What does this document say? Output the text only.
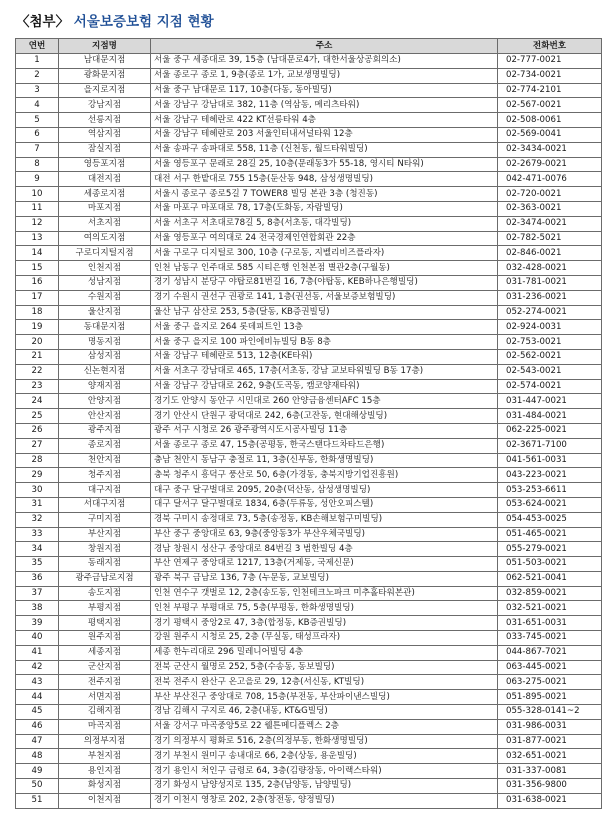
〈첨부〉 서울보증보험 지점 현황
연번	지점명	주소	전화번호
1	남대문지점	서울 중구 세종대로 39, 15층 (남대문로4가, 대한서울상공회의소)	02-777-0021
2	광화문지점	서울 종로구 종로 1, 9층(종로 1가, 교보생명빌딩)	02-734-0021
3	을지로지점	서울 중구 남대문로 117, 10층(다동, 동아빌딩)	02-774-2101
4	강남지점	서울 강남구 강남대로 382, 11층 (역삼동, 메리츠타워)	02-567-0021
5	선릉지점	서울 강남구 테헤란로 422 KT선릉타워 4층	02-508-0061
6	역삼지점	서울 강남구 테헤란로 203 서울인터내셔널타워 12층	02-569-0041
7	잠실지점	서울 송파구 송파대로 558, 11층 (신천동, 월드타워빌딩)	02-3434-0021
8	영등포지점	서울 영등포구 문래로 28길 25, 10층(문래동3가 55-18, 영시티 N타워)	02-2679-0021
9	대전지점	대전 서구 한밭대로 755 15층(둔산동 948, 삼성생명빌딩)	042-471-0076
10	세종로지점	서울시 종로구 종로5길 7 TOWER8 빌딩 본관 3층 (청진동)	02-720-0021
11	마포지점	서울 마포구 마포대로 78, 17층(도화동, 자람빌딩)	02-363-0021
12	서초지점	서울 서초구 서초대로78길 5, 8층(서초동, 대각빌딩)	02-3474-0021
13	여의도지점	서울 영등포구 여의대로 24 전국경제인연합회관 22층	02-782-5021
14	구로디지털지점	서울 구로구 디지털로 300, 10층 (구로동, 지벨리비즈플라자)	02-846-0021
15	인천지점	인천 남동구 인주대로 585 시티은행 인천본점 별관2층(구월동)	032-428-0021
16	성남지점	경기 성남시 분당구 야탑로81번길 16, 7층(야탑동, KEB하나은행빌딩)	031-781-0021
17	수원지점	경기 수원시 권선구 권광로 141, 1층(권선동, 서울보증보험빌딩)	031-236-0021
18	울산지점	울산 남구 삼산로 253, 5층(달동, KB증권빌딩)	052-274-0021
19	동대문지점	서울 중구 을지로 264 롯데피트인 13층	02-924-0031
20	명동지점	서울 중구 을지로 100 파인에비뉴빌딩 B동 8층	02-753-0021
21	삼성지점	서울 강남구 테헤란로 513, 12층(KE타워)	02-562-0021
22	신논현지점	서울 서초구 강남대로 465, 17층(서초동, 강남 교보타워빌딩 B동 17층)	02-543-0021
23	양재지점	서울 강남구 강남대로 262, 9층(도곡동, 캠코양재타워)	02-574-0021
24	안양지점	경기도 안양시 동안구 시민대로 260 안양금융센터AFC 15층	031-447-0021
25	안산지점	경기 안산시 단원구 광덕대로 242, 6층(고잔동, 현대해상빌딩)	031-484-0021
26	광주지점	광주 서구 시청로 26 광주광역시도시공사빌딩 11층	062-225-0021
27	종로지점	서울 종로구 종로 47, 15층(공평동, 한국스탠다드차타드은행)	02-3671-7100
28	천안지점	충남 천안시 동남구 충절로 11, 3층(신부동, 한화생명빌딩)	041-561-0031
29	청주지점	충북 청주시 흥덕구 풍산로 50, 6층(가경동, 충북지방기업진흥원)	043-223-0021
30	대구지점	대구 중구 달구벌대로 2095, 20층(덕산동, 삼성생명빌딩)	053-253-6611
31	서대구지점	대구 달서구 달구벌대로 1834, 6층(두류동, 성안오피스텔)	053-624-0021
32	구미지점	경북 구미시 송정대로 73, 5층(송정동, KB손해보험구미빌딩)	054-453-0025
33	부산지점	부산 중구 중앙대로 63, 9층(중앙동3가 부산우체국빌딩)	051-465-0021
34	창원지점	경남 창원시 성산구 중앙대로 84번길 3 범한빌딩 4층	055-279-0021
35	동래지점	부산 연제구 중앙대로 1217, 13층(거제동, 국제신문)	051-503-0021
36	광주금남로지점	광주 북구 금남로 136, 7층 (누문동, 교보빌딩)	062-521-0041
37	송도지점	인천 연수구 갯벌로 12, 2층(송도동, 인천테크노파크 미추홀타워본관)	032-859-0021
38	부평지점	인천 부평구 부평대로 75, 5층(부평동, 한화생명빌딩)	032-521-0021
39	평택지점	경기 평택시 중앙2로 47, 3층(합정동, KB증권빌딩)	031-651-0031
40	원주지점	강원 원주시 시청로 25, 2층 (무실동, 태성프라자)	033-745-0021
41	세종지점	세종 한누리대로 296 밀레니어빌딩 4층	044-867-7021
42	군산지점	전북 군산시 월명로 252, 5층(수송동, 동보빌딩)	063-445-0021
43	전주지점	전북 전주시 완산구 온고을로 29, 12층(서신동, KT빌딩)	063-275-0021
44	서면지점	부산 부산진구 중앙대로 708, 15층(부전동, 부산파이낸스빌딩)	051-895-0021
45	김해지점	경남 김해시 구지로 46, 2층(내동, KT&G빌딩)	055-328-0141~2
46	마곡지점	서울 강서구 마곡중앙5로 22 웰튼메디플렉스 2층	031-986-0031
47	의정부지점	경기 의정부시 평화로 516, 2층(의정부동, 한화생명빌딩)	031-877-0021
48	부천지점	경기 부천시 원미구 송내대로 66, 2층(상동, 용운빌딩)	032-651-0021
49	용인지점	경기 용인시 처인구 금령로 64, 3층(김량장동, 아이랙스타워)	031-337-0081
50	화성지점	경기 화성시 남양성지로 135, 2층(남양동, 남양빌딩)	031-356-9800
51	이천지점	경기 이천시 영창로 202, 2층(창전동, 양정빌딩)	031-638-0021
